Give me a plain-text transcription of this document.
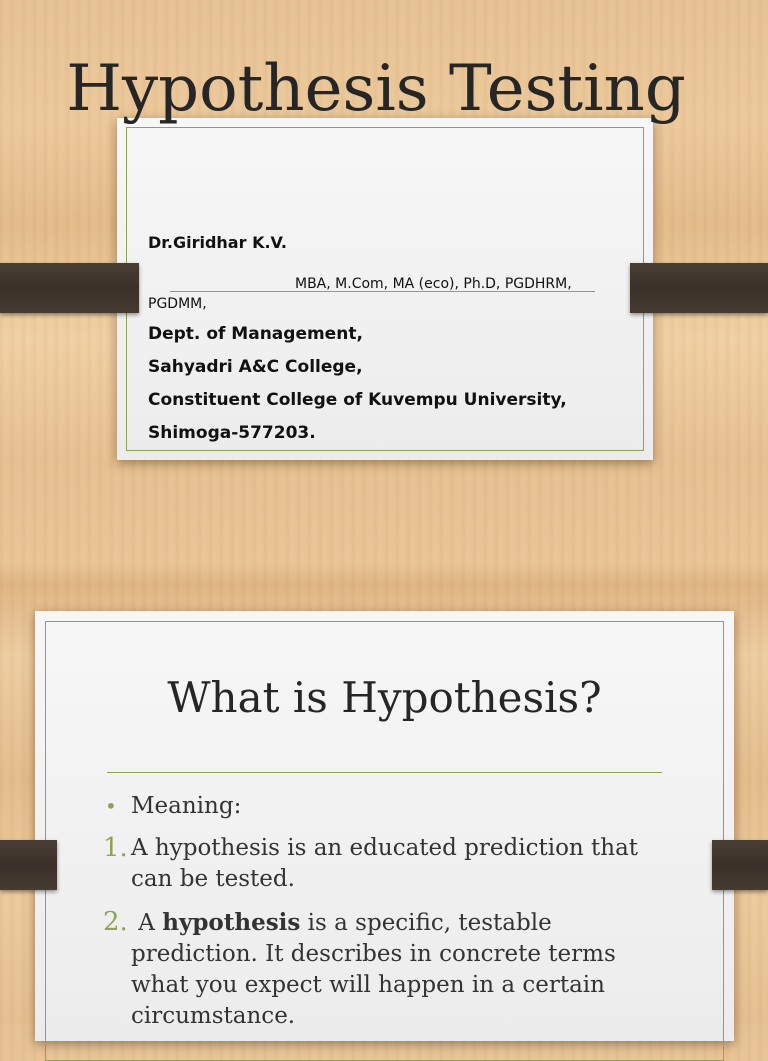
Hypothesis Testing
Dr.Giridhar K.V.
MBA, M.Com, MA (eco), Ph.D, PGDHRM,
PGDMM,
Dept. of Management,
Sahyadri A&C College,
Constituent College of Kuvempu University,
Shimoga-577203.
What is Hypothesis?
• Meaning:
1. A hypothesis is an educated prediction that can be tested.
2. A hypothesis is a specific, testable prediction. It describes in concrete terms what you expect will happen in a certain circumstance.
